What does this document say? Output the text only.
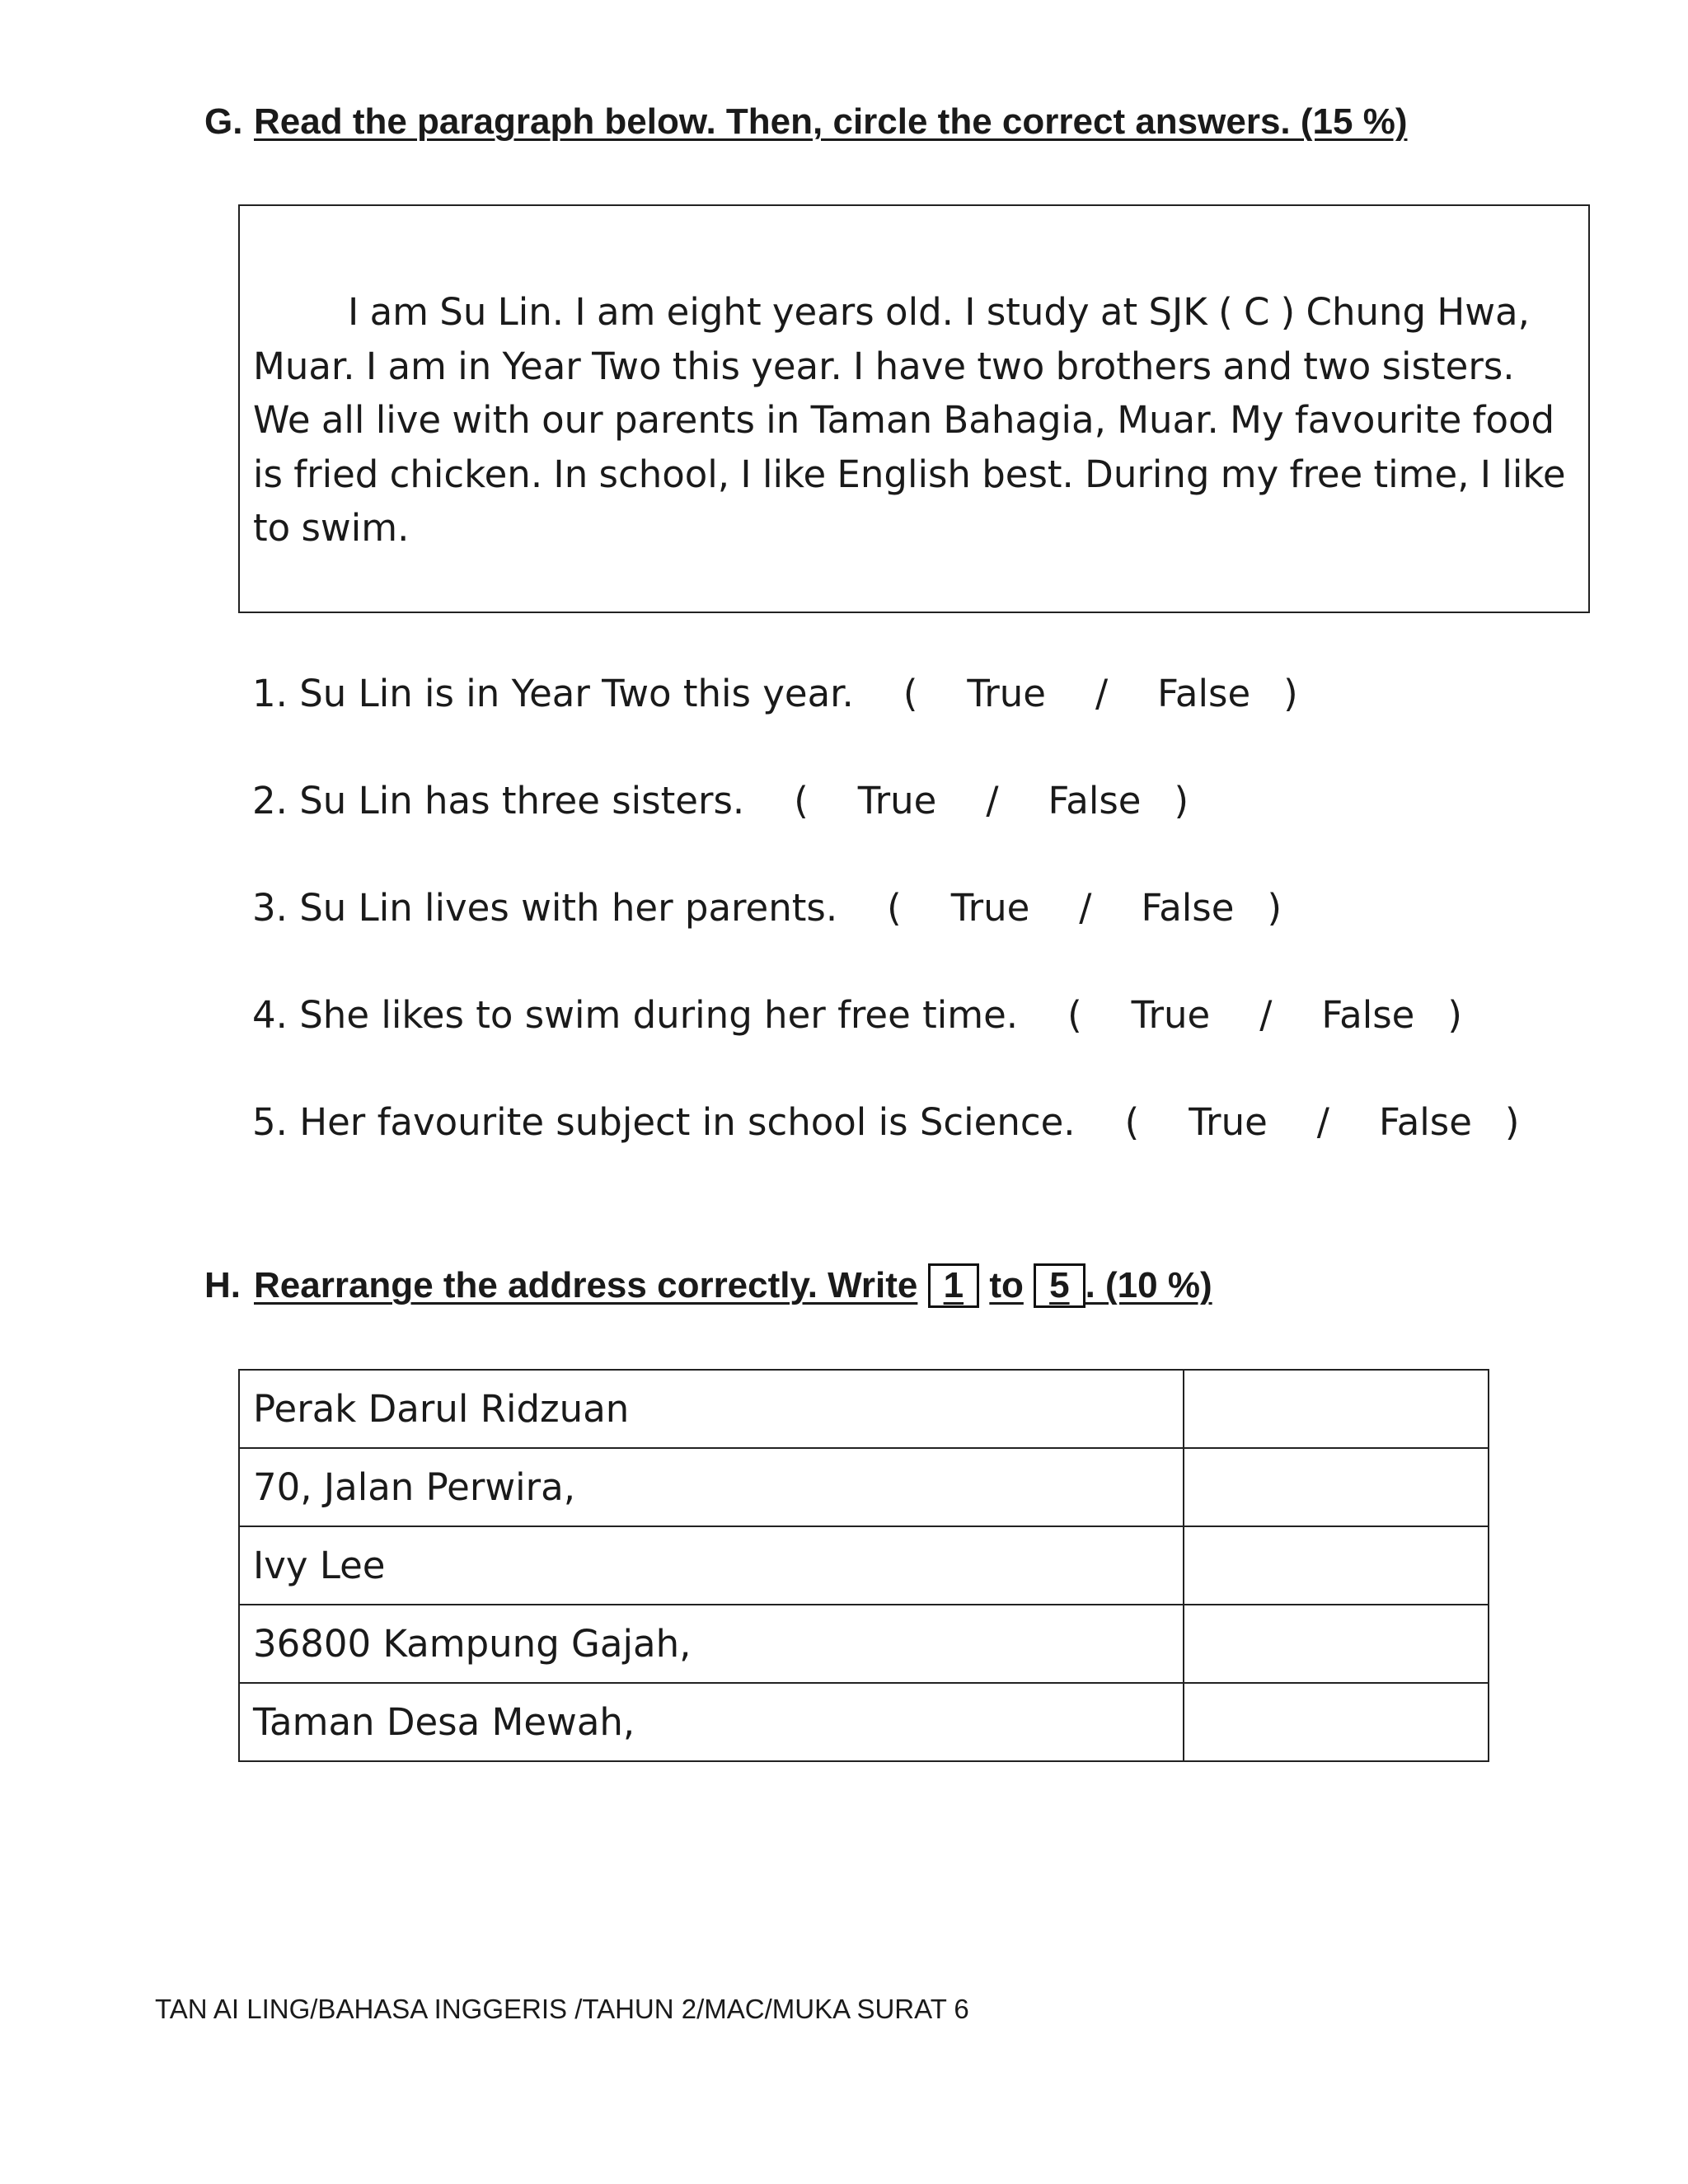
G. Read the paragraph below. Then, circle the correct answers. (15 %)

I am Su Lin. I am eight years old. I study at SJK ( C ) Chung Hwa, Muar. I am in Year Two this year. I have two brothers and two sisters. We all live with our parents in Taman Bahagia, Muar. My favourite food is fried chicken. In school, I like English best. During my free time, I like to swim.

1. Su Lin is in Year Two this year. ( True / False )
2. Su Lin has three sisters. ( True / False )
3. Su Lin lives with her parents. ( True / False )
4. She likes to swim during her free time. ( True / False )
5. Her favourite subject in school is Science. ( True / False )
H. Rearrange the address correctly. Write 1 to 5 . (10 %)
Perak Darul Ridzuan	
70, Jalan Perwira,	
Ivy Lee	
36800 Kampung Gajah,	
Taman Desa Mewah,	
TAN AI LING/BAHASA INGGERIS /TAHUN 2/MAC/MUKA SURAT 6
